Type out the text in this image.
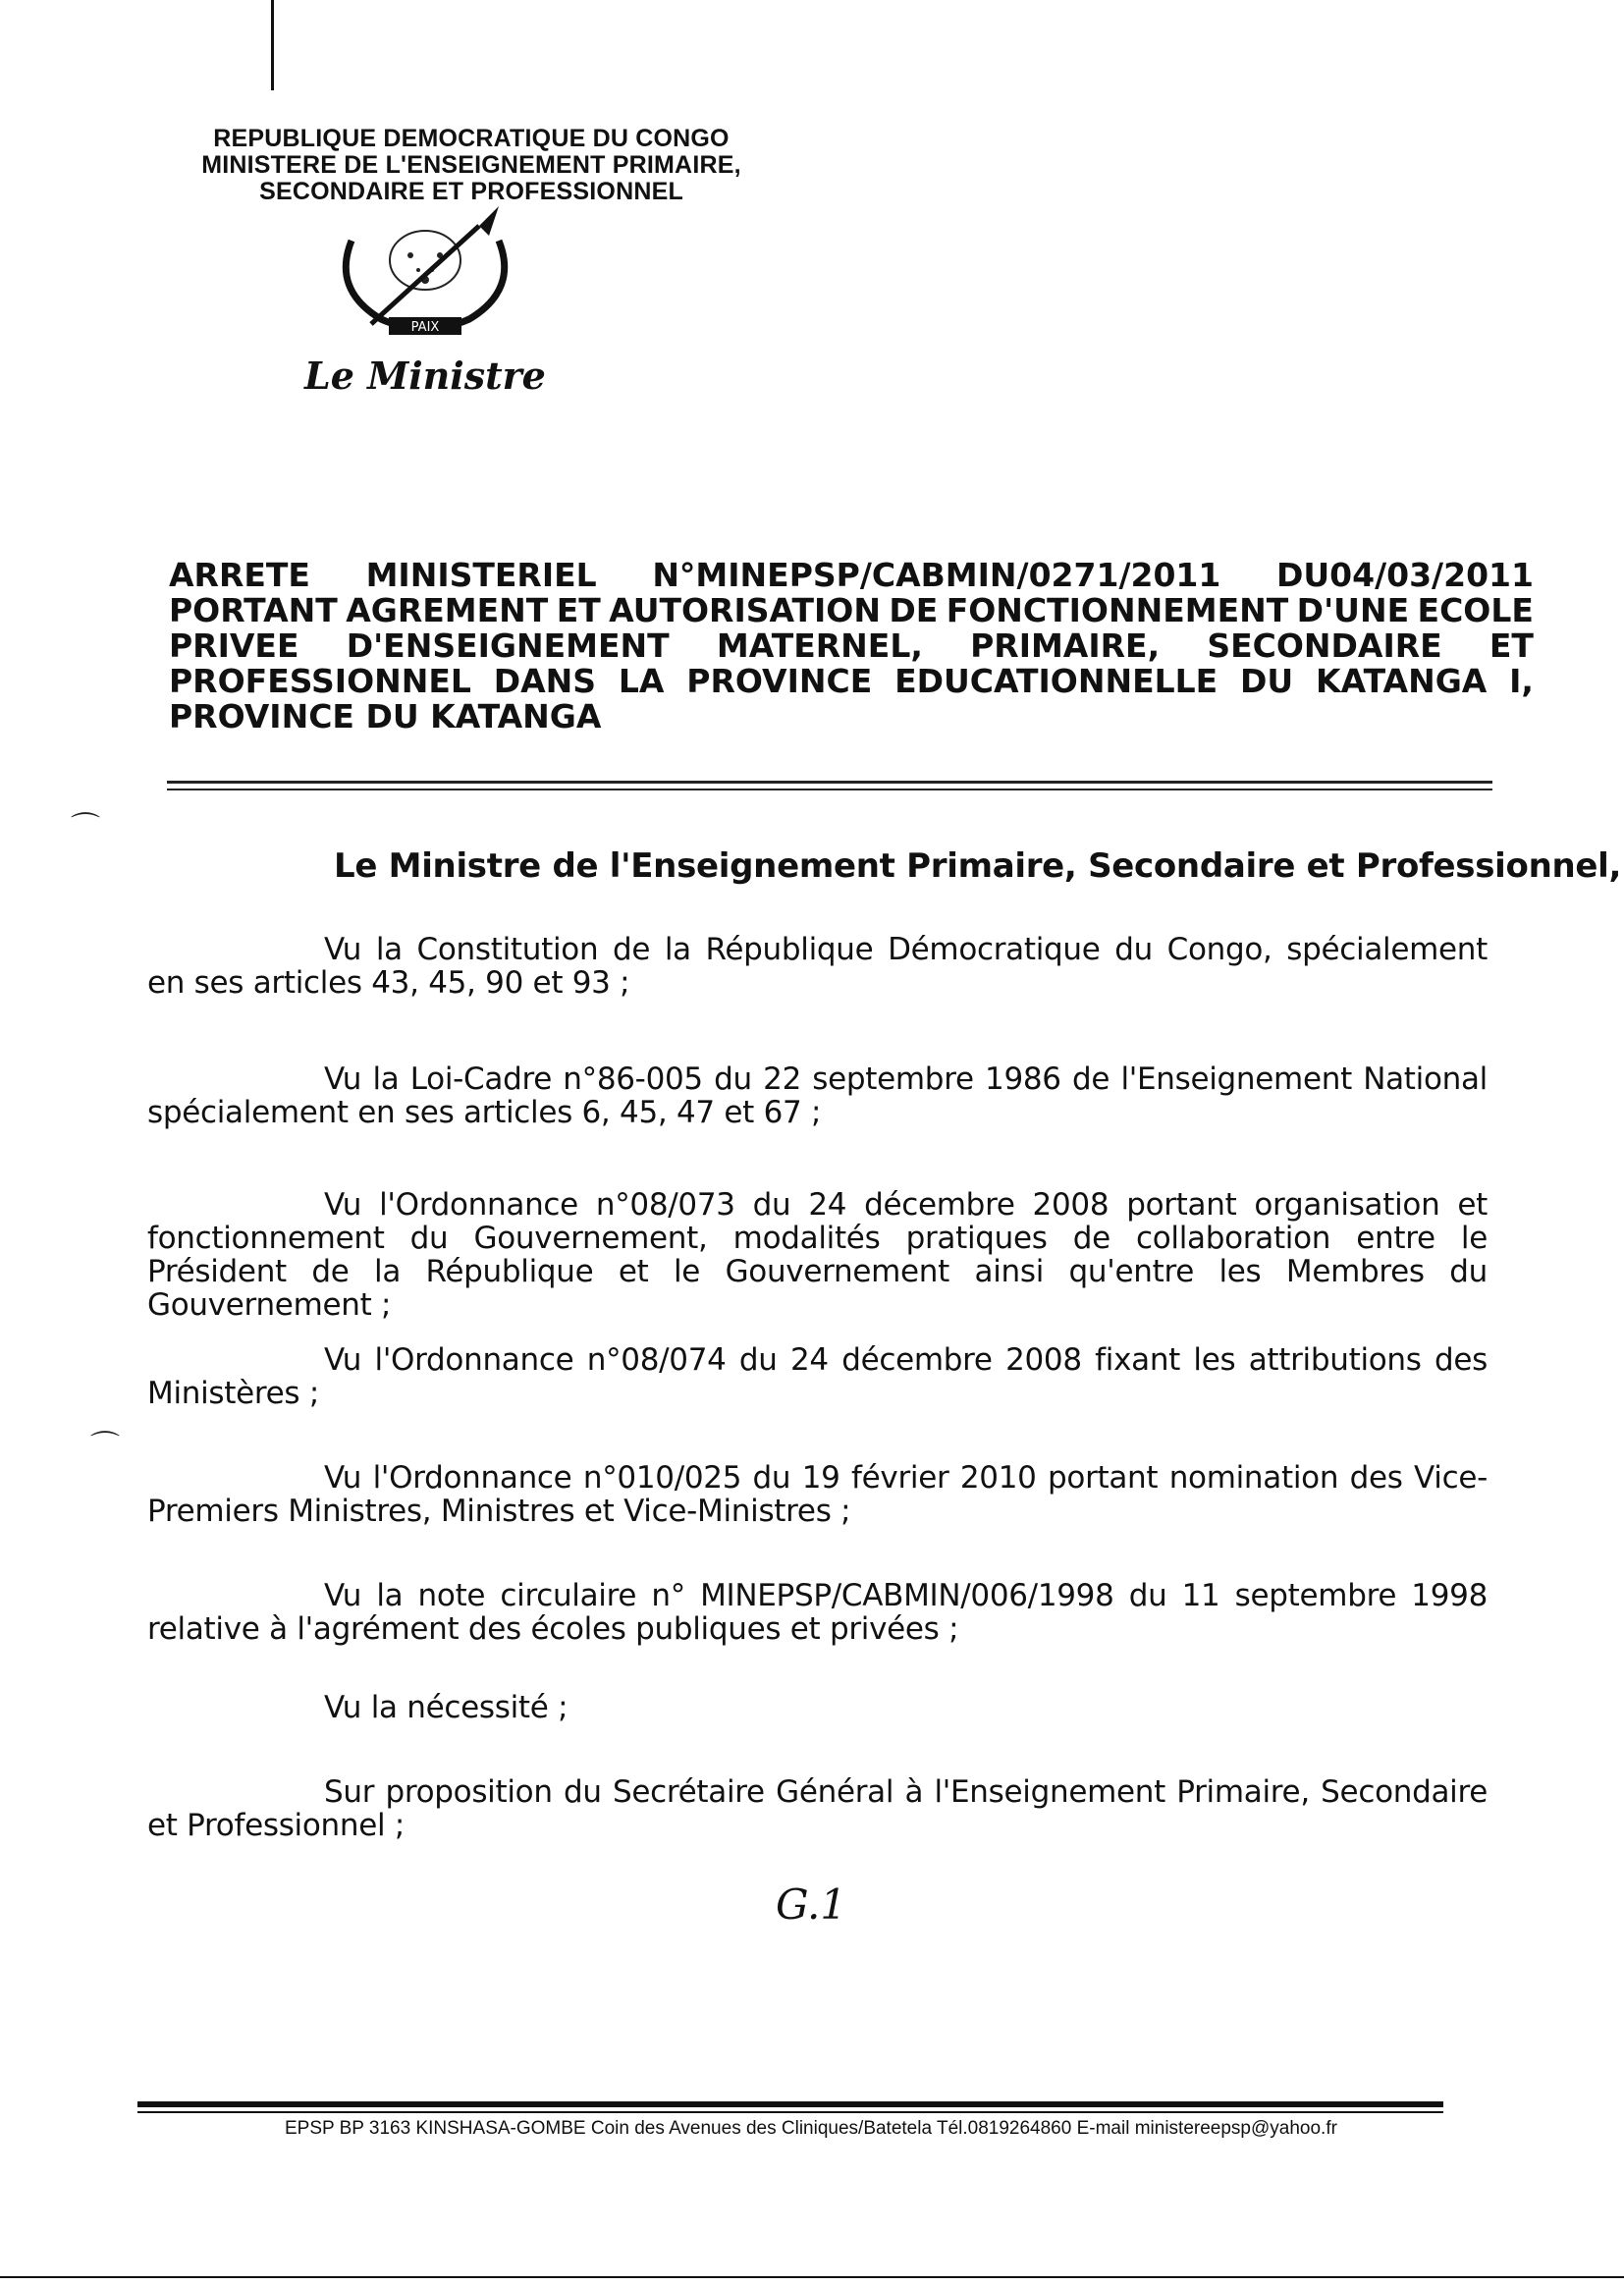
REPUBLIQUE DEMOCRATIQUE DU CONGO
MINISTERE DE L'ENSEIGNEMENT PRIMAIRE,
SECONDAIRE ET PROFESSIONNEL
PAIX
Le Ministre
ARRETE MINISTERIEL N°MINEPSP/CABMIN/0271/2011 DU04/03/2011
PORTANT AGREMENT ET AUTORISATION DE FONCTIONNEMENT D'UNE ECOLE
PRIVEE D'ENSEIGNEMENT MATERNEL, PRIMAIRE, SECONDAIRE ET
PROFESSIONNEL DANS LA PROVINCE EDUCATIONNELLE DU KATANGA I,
PROVINCE DU KATANGA
⌒
⌒
Le Ministre de l'Enseignement Primaire, Secondaire et Professionnel,
Vu la Constitution de la République Démocratique du Congo, spécialement en ses articles 43, 45, 90 et 93 ;
Vu la Loi-Cadre n°86-005 du 22 septembre 1986 de l'Enseignement National spécialement en ses articles 6, 45, 47 et 67 ;
Vu l'Ordonnance n°08/073 du 24 décembre 2008 portant organisation et fonctionnement du Gouvernement, modalités pratiques de collaboration entre le Président de la République et le Gouvernement ainsi qu'entre les Membres du Gouvernement ;
Vu l'Ordonnance n°08/074 du 24 décembre 2008 fixant les attributions des Ministères ;
Vu l'Ordonnance n°010/025 du 19 février 2010 portant nomination des Vice-Premiers Ministres, Ministres et Vice-Ministres ;
Vu la note circulaire n° MINEPSP/CABMIN/006/1998 du 11 septembre 1998 relative à l'agrément des écoles publiques et privées ;
Vu la nécessité ;
Sur proposition du Secrétaire Général à l'Enseignement Primaire, Secondaire et Professionnel ;
G.1
EPSP BP 3163 KINSHASA-GOMBE Coin des Avenues des Cliniques/Batetela Tél.0819264860 E-mail ministereepsp@yahoo.fr
